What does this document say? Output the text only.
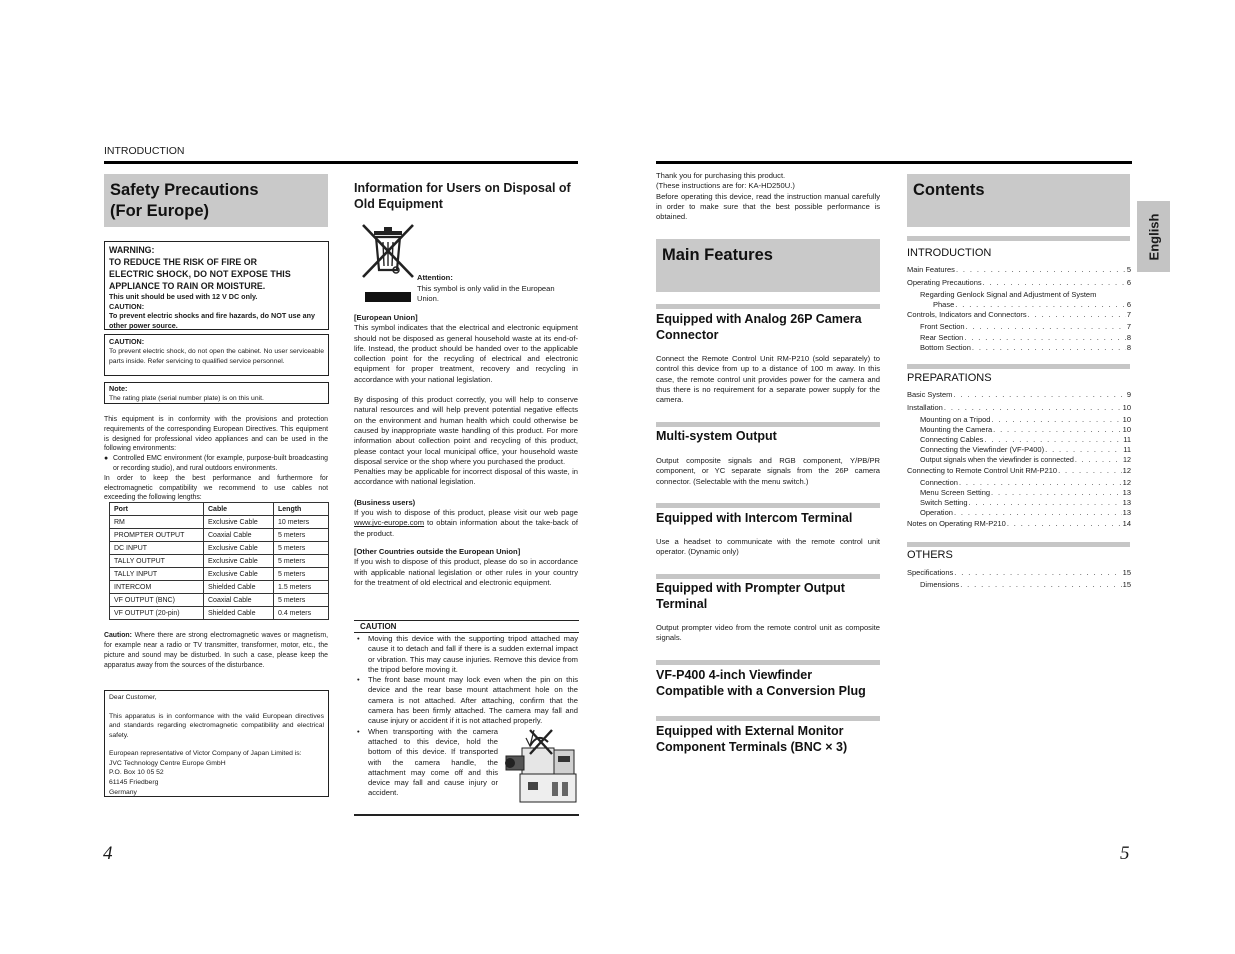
INTRODUCTION
Safety Precautions
(For Europe)
WARNING:
TO REDUCE THE RISK OF FIRE OR
ELECTRIC SHOCK, DO NOT EXPOSE THIS
APPLIANCE TO RAIN OR MOISTURE.
This unit should be used with 12 V DC only.
CAUTION:
To prevent electric shocks and fire hazards, do NOT use any other power source.
CAUTION:
To prevent electric shock, do not open the cabinet. No user serviceable parts inside. Refer servicing to qualified service personnel.
Note:
The rating plate (serial number plate) is on this unit.

This equipment is in conformity with the provisions and protection requirements of the corresponding European Directives. This equipment is designed for professional video appliances and can be used in the following environments:

● Controlled EMC environment (for example, purpose-built broadcasting or recording studio), and rural outdoors environments.

In order to keep the best performance and furthermore for electromagnetic compatibility we recommend to use cables not exceeding the following lengths:

Port	Cable	Length
RM	Exclusive Cable	10 meters
PROMPTER OUTPUT	Coaxial Cable	5 meters
DC INPUT	Exclusive Cable	5 meters
TALLY OUTPUT	Exclusive Cable	5 meters
TALLY INPUT	Exclusive Cable	5 meters
INTERCOM	Shielded Cable	1.5 meters
VF OUTPUT (BNC)	Coaxial Cable	5 meters
VF OUTPUT (20-pin)	Shielded Cable	0.4 meters
Caution: Where there are strong electromagnetic waves or magnetism, for example near a radio or TV transmitter, transformer, motor, etc., the picture and sound may be disturbed. In such a case, please keep the apparatus away from the sources of the disturbance.
Dear Customer,
This apparatus is in conformance with the valid European directives and standards regarding electromagnetic compatibility and electrical safety.
European representative of Victor Company of Japan Limited is:
JVC Technology Centre Europe GmbH
P.O. Box 10 05 52
61145 Friedberg
Germany
4
Information for Users on Disposal of Old Equipment
Attention:
This symbol is only valid in the European Union.

[European Union]

This symbol indicates that the electrical and electronic equipment should not be disposed as general household waste at its end-of-life. Instead, the product should be handed over to the applicable collection point for the recycling of electrical and electronic equipment for proper treatment, recovery and recycling in accordance with your national legislation.

By disposing of this product correctly, you will help to conserve natural resources and will help prevent potential negative effects on the environment and human health which could otherwise be caused by inappropriate waste handling of this product. For more information about collection point and recycling of this product, please contact your local municipal office, your household waste disposal service or the shop where you purchased the product.

Penalties may be applicable for incorrect disposal of this waste, in accordance with national legislation.

(Business users)

If you wish to dispose of this product, please visit our web page www.jvc-europe.com to obtain information about the take-back of the product.

[Other Countries outside the European Union]

If you wish to dispose of this product, please do so in accordance with applicable national legislation or other rules in your country for the treatment of old electrical and electronic equipment.

CAUTION
• Moving this device with the supporting tripod attached may cause it to detach and fall if there is a sudden external impact or vibration. This may cause injuries. Remove this device from the tripod before moving it.
• The front base mount may lock even when the pin on this device and the rear base mount attachment hole on the camera is not attached. After attaching, confirm that the camera has been firmly attached. The camera may fall and cause injury or accident if it is not attached properly.
• When transporting with the camera attached to this device, hold the bottom of this device. If transported with the camera handle, the attachment may come off and this device may fall and cause injury or accident.

Thank you for purchasing this product.

(These instructions are for: KA-HD250U.)

Before operating this device, read the instruction manual carefully in order to make sure that the best possible performance is obtained.

Main Features
Equipped with Analog 26P Camera Connector
Connect the Remote Control Unit RM-P210 (sold separately) to control this device from up to a distance of 100 m away. In this case, the remote control unit provides power for the camera and thus there is no requirement for a separate power supply for the camera.
Multi-system Output
Output composite signals and RGB component, Y/PB/PR component, or YC separate signals from the 26P camera connector. (Selectable with the menu switch.)
Equipped with Intercom Terminal
Use a headset to communicate with the remote control unit operator. (Dynamic only)
Equipped with Prompter Output Terminal
Output prompter video from the remote control unit as composite signals.
VF-P400 4-inch Viewfinder Compatible with a Conversion Plug
Equipped with External Monitor Component Terminals (BNC × 3)
5
Contents
English
INTRODUCTION
Main Features . . .	5
Operating Precautions . . .	6
Regarding Genlock Signal and Adjustment of System
Phase . . .	6
Controls, Indicators and Connectors . . .	7
Front Section . . .	7
Rear Section . . .	8
Bottom Section . . .	8
PREPARATIONS
Basic System . . .	9
Installation . . .	10
Mounting on a Tripod . . .	10
Mounting the Camera . . .	10
Connecting Cables . . .	11
Connecting the Viewfinder (VF-P400) . . .	11
Output signals when the viewfinder is connected . . .	12
Connecting to Remote Control Unit RM-P210 . . .	12
Connection . . .	12
Menu Screen Setting . . .	13
Switch Setting . . .	13
Operation . . .	13
Notes on Operating RM-P210 . . .	14
OTHERS
Specifications . . .	15
Dimensions . . .	15
